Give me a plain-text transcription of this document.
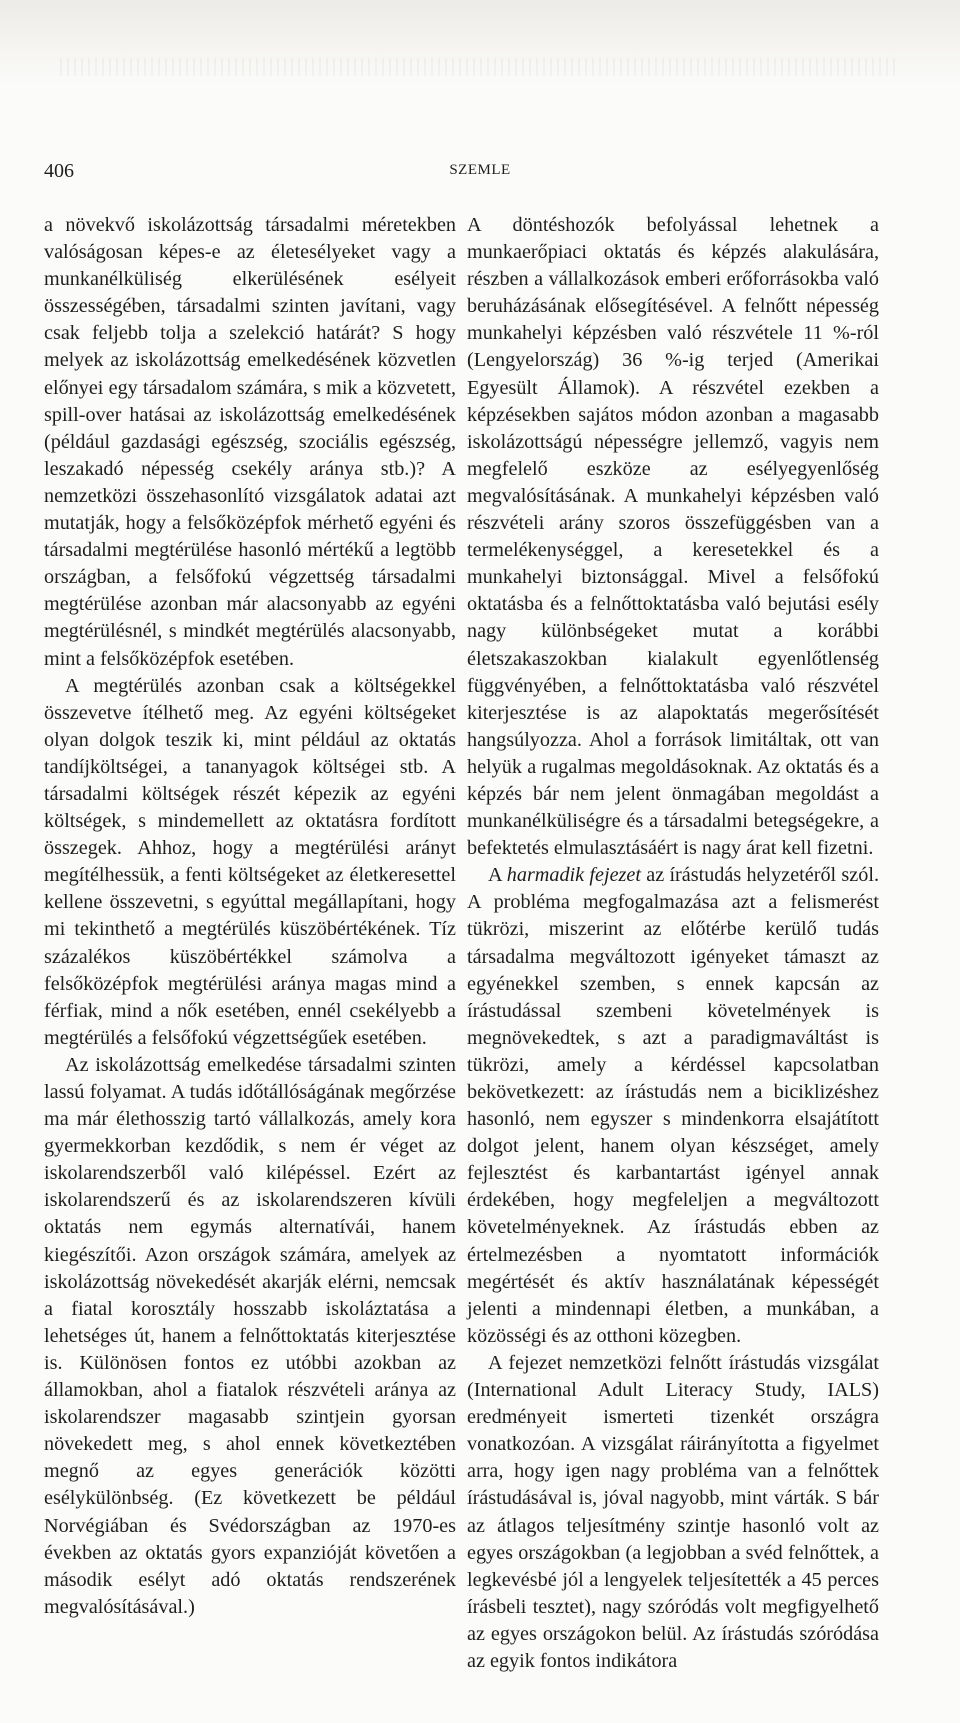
406	SZEMLE

a növekvő iskolázottság társadalmi méretekben valóságosan képes-e az életesélyeket vagy a munkanélküliség elkerülésének esélyeit összességében, társadalmi szinten javítani, vagy csak feljebb tolja a szelekció határát? S hogy melyek az iskolázottság emelkedésének közvetlen előnyei egy társadalom számára, s mik a közvetett, spill-over hatásai az iskolázottság emelkedésének (például gazdasági egészség, szociális egészség, leszakadó népesség csekély aránya stb.)? A nemzetközi összehasonlító vizsgálatok adatai azt mutatják, hogy a felsőközépfok mérhető egyéni és társadalmi megtérülése hasonló mértékű a legtöbb országban, a felsőfokú végzettség társadalmi megtérülése azonban már alacsonyabb az egyéni megtérülésnél, s mindkét megtérülés alacsonyabb, mint a felsőközépfok esetében.

A megtérülés azonban csak a költségekkel összevetve ítélhető meg. Az egyéni költségeket olyan dolgok teszik ki, mint például az oktatás tandíjköltségei, a tananyagok költségei stb. A társadalmi költségek részét képezik az egyéni költségek, s mindemellett az oktatásra fordított összegek. Ahhoz, hogy a megtérülési arányt megítélhessük, a fenti költségeket az életkeresettel kellene összevetni, s egyúttal megállapítani, hogy mi tekinthető a megtérülés küszöbértékének. Tíz százalékos küszöbértékkel számolva a felsőközépfok megtérülési aránya magas mind a férfiak, mind a nők esetében, ennél csekélyebb a megtérülés a felsőfokú végzettségűek esetében.

Az iskolázottság emelkedése társadalmi szinten lassú folyamat. A tudás időtállóságának megőrzése ma már élethosszig tartó vállalkozás, amely kora gyermekkorban kezdődik, s nem ér véget az iskolarendszerből való kilépéssel. Ezért az iskolarendszerű és az iskolarendszeren kívüli oktatás nem egymás alternatívái, hanem kiegészítői. Azon országok számára, amelyek az iskolázottság növekedését akarják elérni, nemcsak a fiatal korosztály hosszabb iskoláztatása a lehetséges út, hanem a felnőttoktatás kiterjesztése is. Különösen fontos ez utóbbi azokban az államokban, ahol a fiatalok részvételi aránya az iskolarendszer magasabb szintjein gyorsan növekedett meg, s ahol ennek következtében megnő az egyes generációk közötti esélykülönbség. (Ez következett be például Norvégiában és Svédországban az 1970-es években az oktatás gyors expanzióját követően a második esélyt adó oktatás rendszerének megvalósításával.)

A döntéshozók befolyással lehetnek a munkaerőpiaci oktatás és képzés alakulására, részben a vállalkozások emberi erőforrásokba való beruházásának elősegítésével. A felnőtt népesség munkahelyi képzésben való részvétele 11 %-ról (Lengyelország) 36 %-ig terjed (Amerikai Egyesült Államok). A részvétel ezekben a képzésekben sajátos módon azonban a magasabb iskolázottságú népességre jellemző, vagyis nem megfelelő eszköze az esélyegyenlőség megvalósításának. A munkahelyi képzésben való részvételi arány szoros összefüggésben van a termelékenységgel, a keresetekkel és a munkahelyi biztonsággal. Mivel a felsőfokú oktatásba és a felnőttoktatásba való bejutási esély nagy különbségeket mutat a korábbi életszakaszokban kialakult egyenlőtlenség függvényében, a felnőttoktatásba való részvétel kiterjesztése is az alapoktatás megerősítését hangsúlyozza. Ahol a források limitáltak, ott van helyük a rugalmas megoldásoknak. Az oktatás és a képzés bár nem jelent önmagában megoldást a munkanélküliségre és a társadalmi betegségekre, a befektetés elmulasztásáért is nagy árat kell fizetni.

A harmadik fejezet az írástudás helyzetéről szól. A probléma megfogalmazása azt a felismerést tükrözi, miszerint az előtérbe kerülő tudás társadalma megváltozott igényeket támaszt az egyénekkel szemben, s ennek kapcsán az írástudással szembeni követelmények is megnövekedtek, s azt a paradigmaváltást is tükrözi, amely a kérdéssel kapcsolatban bekövetkezett: az írástudás nem a biciklizéshez hasonló, nem egyszer s mindenkorra elsajátított dolgot jelent, hanem olyan készséget, amely fejlesztést és karbantartást igényel annak érdekében, hogy megfeleljen a megváltozott követelményeknek. Az írástudás ebben az értelmezésben a nyomtatott információk megértését és aktív használatának képességét jelenti a mindennapi életben, a munkában, a közösségi és az otthoni közegben.

A fejezet nemzetközi felnőtt írástudás vizsgálat (International Adult Literacy Study, IALS) eredményeit ismerteti tizenkét országra vonatkozóan. A vizsgálat ráirányította a figyelmet arra, hogy igen nagy probléma van a felnőttek írástudásával is, jóval nagyobb, mint várták. S bár az átlagos teljesítmény szintje hasonló volt az egyes országokban (a legjobban a svéd felnőttek, a legkevésbé jól a lengyelek teljesítették a 45 perces írásbeli tesztet), nagy szóródás volt megfigyelhető az egyes országokon belül. Az írástudás szóródása az egyik fontos indikátora
